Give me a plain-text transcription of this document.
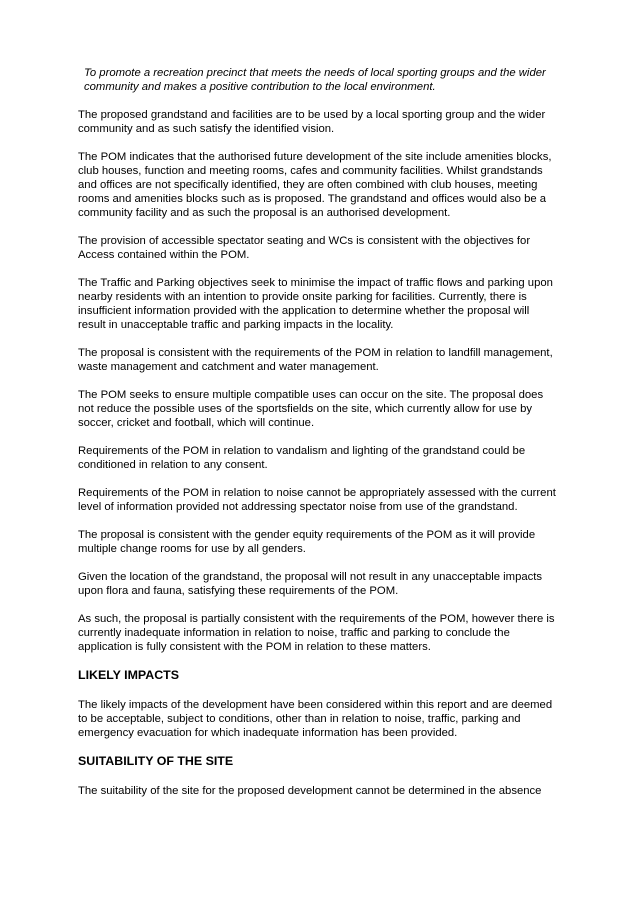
To promote a recreation precinct that meets the needs of local sporting groups and the wider community and makes a positive contribution to the local environment.

The proposed grandstand and facilities are to be used by a local sporting group and the wider community and as such satisfy the identified vision.

The POM indicates that the authorised future development of the site include amenities blocks, club houses, function and meeting rooms, cafes and community facilities. Whilst grandstands and offices are not specifically identified, they are often combined with club houses, meeting rooms and amenities blocks such as is proposed. The grandstand and offices would also be a community facility and as such the proposal is an authorised development.

The provision of accessible spectator seating and WCs is consistent with the objectives for Access contained within the POM.

The Traffic and Parking objectives seek to minimise the impact of traffic flows and parking upon nearby residents with an intention to provide onsite parking for facilities. Currently, there is insufficient information provided with the application to determine whether the proposal will result in unacceptable traffic and parking impacts in the locality.

The proposal is consistent with the requirements of the POM in relation to landfill management, waste management and catchment and water management.

The POM seeks to ensure multiple compatible uses can occur on the site. The proposal does not reduce the possible uses of the sportsfields on the site, which currently allow for use by soccer, cricket and football, which will continue.

Requirements of the POM in relation to vandalism and lighting of the grandstand could be conditioned in relation to any consent.

Requirements of the POM in relation to noise cannot be appropriately assessed with the current level of information provided not addressing spectator noise from use of the grandstand.

The proposal is consistent with the gender equity requirements of the POM as it will provide multiple change rooms for use by all genders.

Given the location of the grandstand, the proposal will not result in any unacceptable impacts upon flora and fauna, satisfying these requirements of the POM.

As such, the proposal is partially consistent with the requirements of the POM, however there is currently inadequate information in relation to noise, traffic and parking to conclude the application is fully consistent with the POM in relation to these matters.

LIKELY IMPACTS

The likely impacts of the development have been considered within this report and are deemed to be acceptable, subject to conditions, other than in relation to noise, traffic, parking and emergency evacuation for which inadequate information has been provided.

SUITABILITY OF THE SITE

The suitability of the site for the proposed development cannot be determined in the absence
